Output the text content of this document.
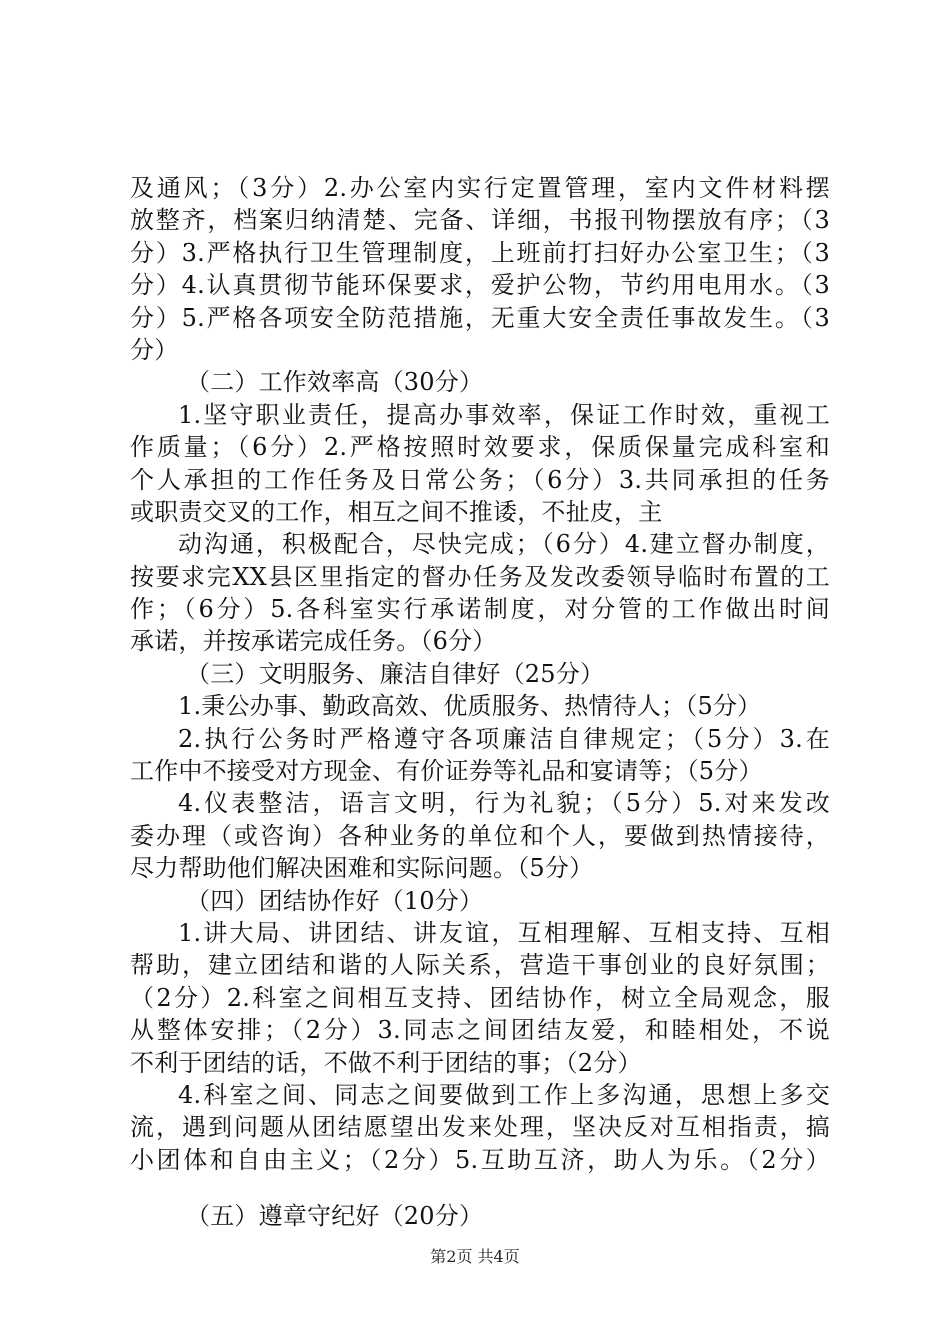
及通风；（3分）2.办公室内实行定置管理，室内文件材料摆
放整齐，档案归纳清楚、完备、详细，书报刊物摆放有序；（3
分）3.严格执行卫生管理制度，上班前打扫好办公室卫生；（3
分）4.认真贯彻节能环保要求，爱护公物，节约用电用水。（3
分）5.严格各项安全防范措施，无重大安全责任事故发生。（3
分）
（二）工作效率高（30分）
1.坚守职业责任，提高办事效率，保证工作时效，重视工
作质量；（6分）2.严格按照时效要求，保质保量完成科室和
个人承担的工作任务及日常公务；（6分）3.共同承担的任务
或职责交叉的工作，相互之间不推诿，不扯皮，主
动沟通，积极配合，尽快完成；（6分）4.建立督办制度，
按要求完XX县区里指定的督办任务及发改委领导临时布置的工
作；（6分）5.各科室实行承诺制度，对分管的工作做出时间
承诺，并按承诺完成任务。（6分）
（三）文明服务、廉洁自律好（25分）
1.秉公办事、勤政高效、优质服务、热情待人；（5分）
2.执行公务时严格遵守各项廉洁自律规定；（5分）3.在
工作中不接受对方现金、有价证券等礼品和宴请等；（5分）
4.仪表整洁，语言文明，行为礼貌；（5分）5.对来发改
委办理（或咨询）各种业务的单位和个人，要做到热情接待，
尽力帮助他们解决困难和实际问题。（5分）
（四）团结协作好（10分）
1.讲大局、讲团结、讲友谊，互相理解、互相支持、互相
帮助，建立团结和谐的人际关系，营造干事创业的良好氛围；
（2分）2.科室之间相互支持、团结协作，树立全局观念，服
从整体安排；（2分）3.同志之间团结友爱，和睦相处，不说
不利于团结的话，不做不利于团结的事；（2分）
4.科室之间、同志之间要做到工作上多沟通，思想上多交
流，遇到问题从团结愿望出发来处理，坚决反对互相指责，搞
小团体和自由主义；（2分）5.互助互济，助人为乐。（2分）
（五）遵章守纪好（20分）
第2页 共4页
